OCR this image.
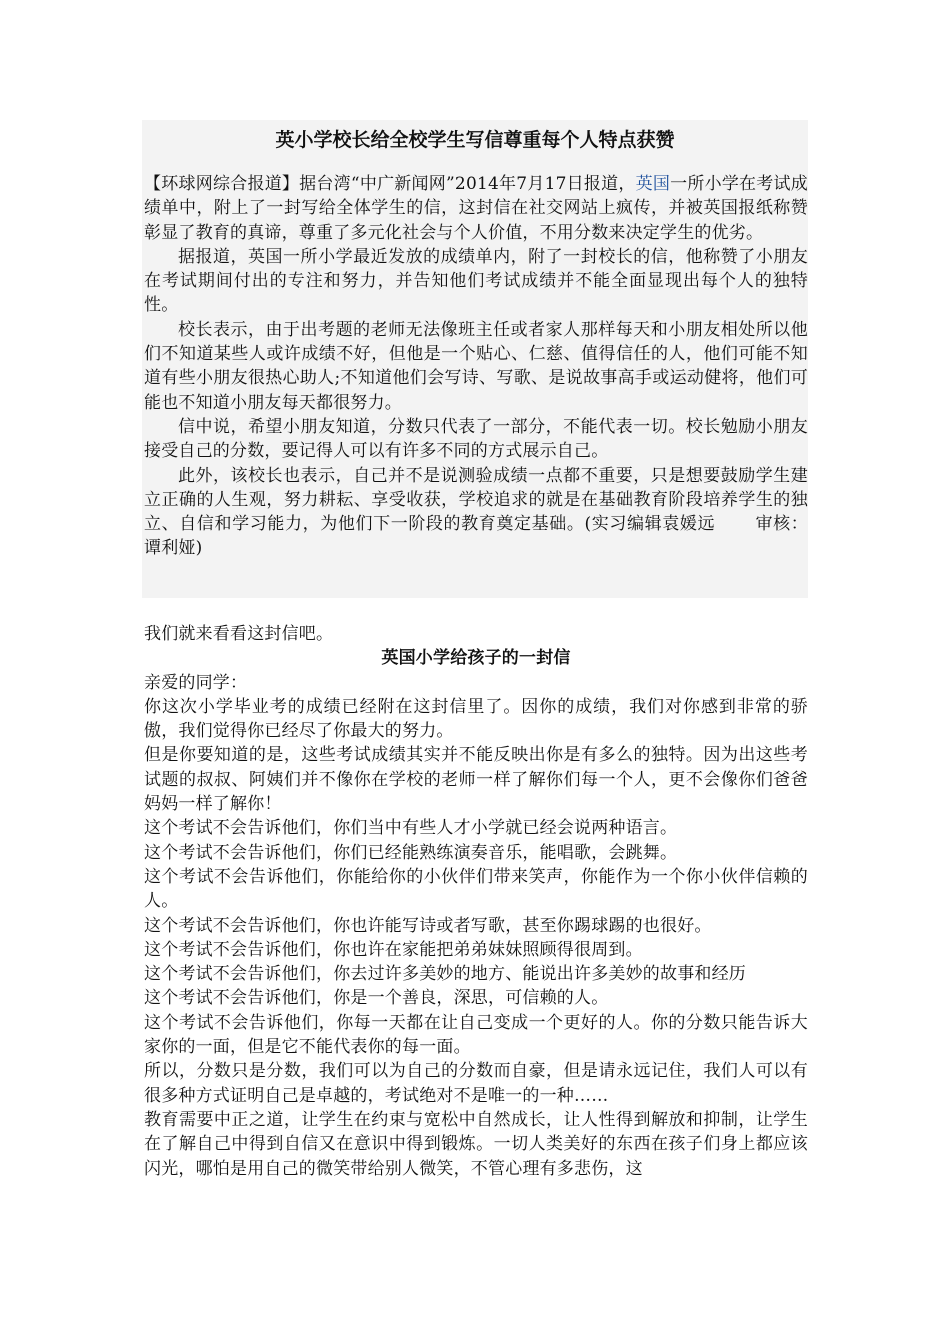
英小学校长给全校学生写信尊重每个人特点获赞

【环球网综合报道】据台湾“中广新闻网”2014年7月17日报道，英国一所小学在考试成绩单中，附上了一封写给全体学生的信，这封信在社交网站上疯传，并被英国报纸称赞彰显了教育的真谛，尊重了多元化社会与个人价值，不用分数来决定学生的优劣。

据报道，英国一所小学最近发放的成绩单内，附了一封校长的信，他称赞了小朋友在考试期间付出的专注和努力，并告知他们考试成绩并不能全面显现出每个人的独特性。

校长表示，由于出考题的老师无法像班主任或者家人那样每天和小朋友相处所以他们不知道某些人或许成绩不好，但他是一个贴心、仁慈、值得信任的人，他们可能不知道有些小朋友很热心助人;不知道他们会写诗、写歌、是说故事高手或运动健将，他们可能也不知道小朋友每天都很努力。

信中说，希望小朋友知道，分数只代表了一部分，不能代表一切。校长勉励小朋友接受自己的分数，要记得人可以有许多不同的方式展示自己。

此外，该校长也表示，自己并不是说测验成绩一点都不重要，只是想要鼓励学生建立正确的人生观，努力耕耘、享受收获，学校追求的就是在基础教育阶段培养学生的独立、自信和学习能力，为他们下一阶段的教育奠定基础。(实习编辑袁媛远 审核：谭利娅)

我们就来看看这封信吧。

英国小学给孩子的一封信

亲爱的同学：

你这次小学毕业考的成绩已经附在这封信里了。因你的成绩，我们对你感到非常的骄傲，我们觉得你已经尽了你最大的努力。

但是你要知道的是，这些考试成绩其实并不能反映出你是有多么的独特。因为出这些考试题的叔叔、阿姨们并不像你在学校的老师一样了解你们每一个人，更不会像你们爸爸妈妈一样了解你！

这个考试不会告诉他们，你们当中有些人才小学就已经会说两种语言。

这个考试不会告诉他们，你们已经能熟练演奏音乐，能唱歌，会跳舞。

这个考试不会告诉他们，你能给你的小伙伴们带来笑声，你能作为一个你小伙伴信赖的人。

这个考试不会告诉他们，你也许能写诗或者写歌，甚至你踢球踢的也很好。

这个考试不会告诉他们，你也许在家能把弟弟妹妹照顾得很周到。

这个考试不会告诉他们，你去过许多美妙的地方、能说出许多美妙的故事和经历

这个考试不会告诉他们，你是一个善良，深思，可信赖的人。

这个考试不会告诉他们，你每一天都在让自己变成一个更好的人。你的分数只能告诉大家你的一面，但是它不能代表你的每一面。

所以，分数只是分数，我们可以为自己的分数而自豪，但是请永远记住，我们人可以有很多种方式证明自己是卓越的，考试绝对不是唯一的一种……

教育需要中正之道，让学生在约束与宽松中自然成长，让人性得到解放和抑制，让学生在了解自己中得到自信又在意识中得到锻炼。一切人类美好的东西在孩子们身上都应该闪光，哪怕是用自己的微笑带给别人微笑，不管心理有多悲伤，这
